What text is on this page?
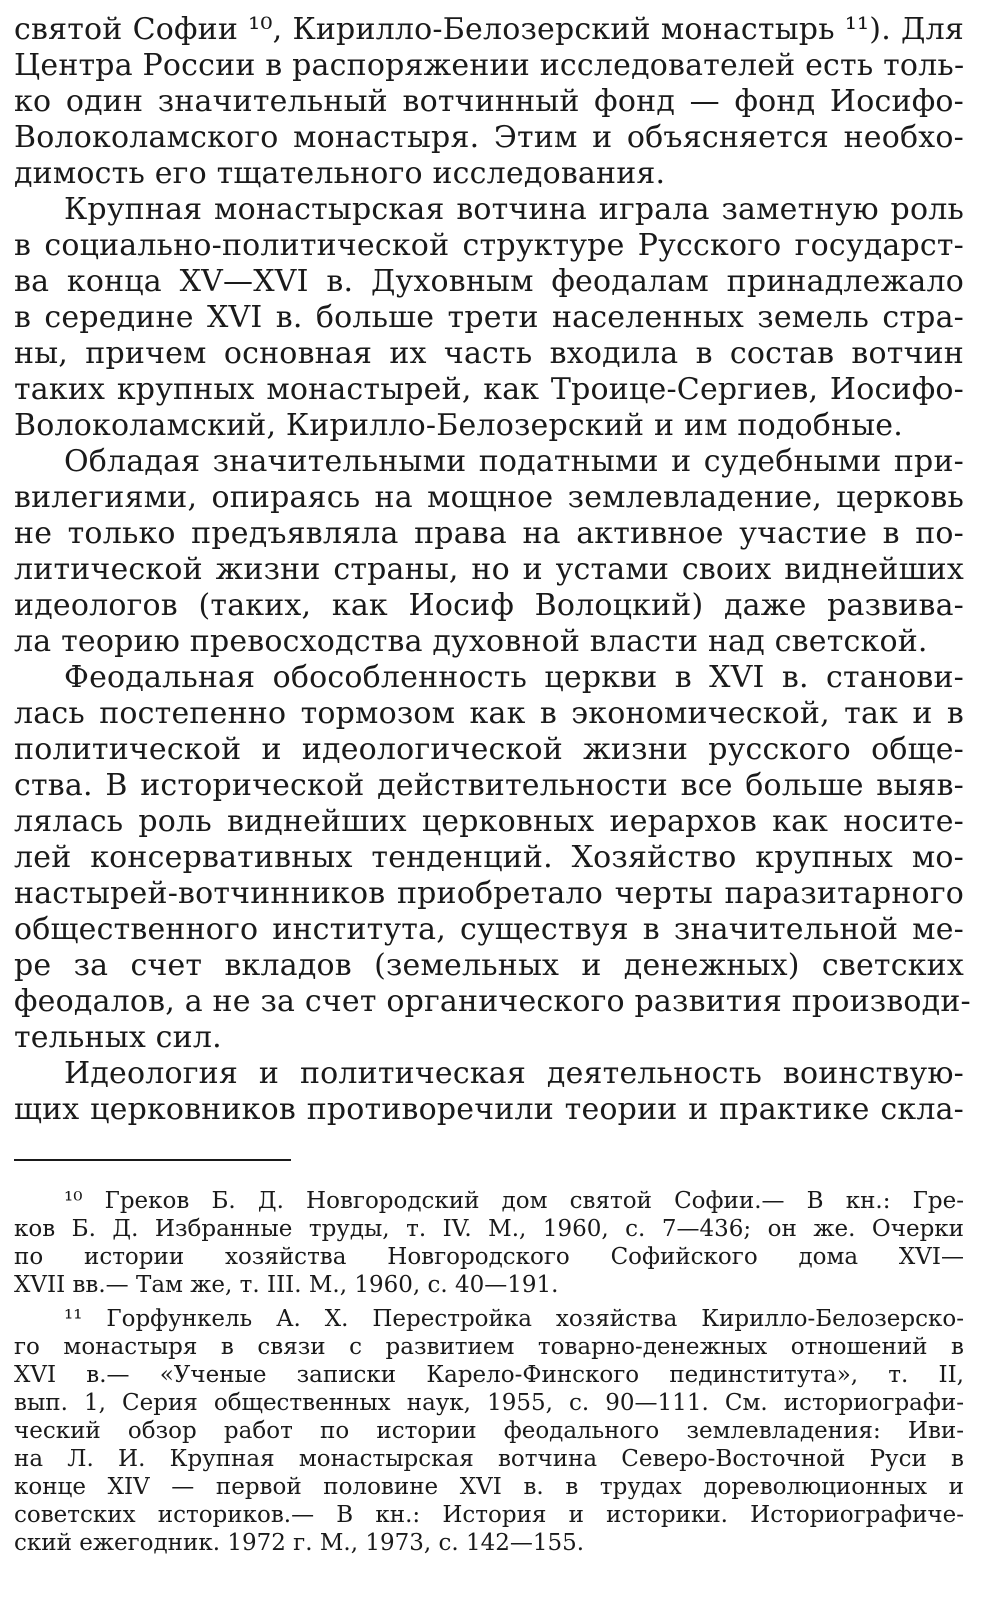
святой Софии ¹⁰, Кирилло-Белозерский монастырь ¹¹). Для
Центра России в распоряжении исследователей есть толь-
ко один значительный вотчинный фонд — фонд Иосифо-
Волоколамского монастыря. Этим и объясняется необхо-
димость его тщательного исследования.
Крупная монастырская вотчина играла заметную роль
в социально-политической структуре Русского государст-
ва конца XV—XVI в. Духовным феодалам принадлежало
в середине XVI в. больше трети населенных земель стра-
ны, причем основная их часть входила в состав вотчин
таких крупных монастырей, как Троице-Сергиев, Иосифо-
Волоколамский, Кирилло-Белозерский и им подобные.
Обладая значительными податными и судебными при-
вилегиями, опираясь на мощное землевладение, церковь
не только предъявляла права на активное участие в по-
литической жизни страны, но и устами своих виднейших
идеологов (таких, как Иосиф Волоцкий) даже развива-
ла теорию превосходства духовной власти над светской.
Феодальная обособленность церкви в XVI в. станови-
лась постепенно тормозом как в экономической, так и в
политической и идеологической жизни русского обще-
ства. В исторической действительности все больше выяв-
лялась роль виднейших церковных иерархов как носите-
лей консервативных тенденций. Хозяйство крупных мо-
настырей-вотчинников приобретало черты паразитарного
общественного института, существуя в значительной ме-
ре за счет вкладов (земельных и денежных) светских
феодалов, а не за счет органического развития производи-
тельных сил.
Идеология и политическая деятельность воинствую-
щих церковников противоречили теории и практике скла-
¹⁰ Греков Б. Д. Новгородский дом святой Софии.— В кн.: Гре-
ков Б. Д. Избранные труды, т. IV. М., 1960, с. 7—436; он же. Очерки
по истории хозяйства Новгородского Софийского дома XVI—
XVII вв.— Там же, т. III. М., 1960, с. 40—191.
¹¹ Горфункель А. Х. Перестройка хозяйства Кирилло-Белозерско-
го монастыря в связи с развитием товарно-денежных отношений в
XVI в.— «Ученые записки Карело-Финского пединститута», т. II,
вып. 1, Серия общественных наук, 1955, с. 90—111. См. историографи-
ческий обзор работ по истории феодального землевладения: Иви-
на Л. И. Крупная монастырская вотчина Северо-Восточной Руси в
конце XIV — первой половине XVI в. в трудах дореволюционных и
советских историков.— В кн.: История и историки. Историографиче-
ский ежегодник. 1972 г. М., 1973, с. 142—155.
